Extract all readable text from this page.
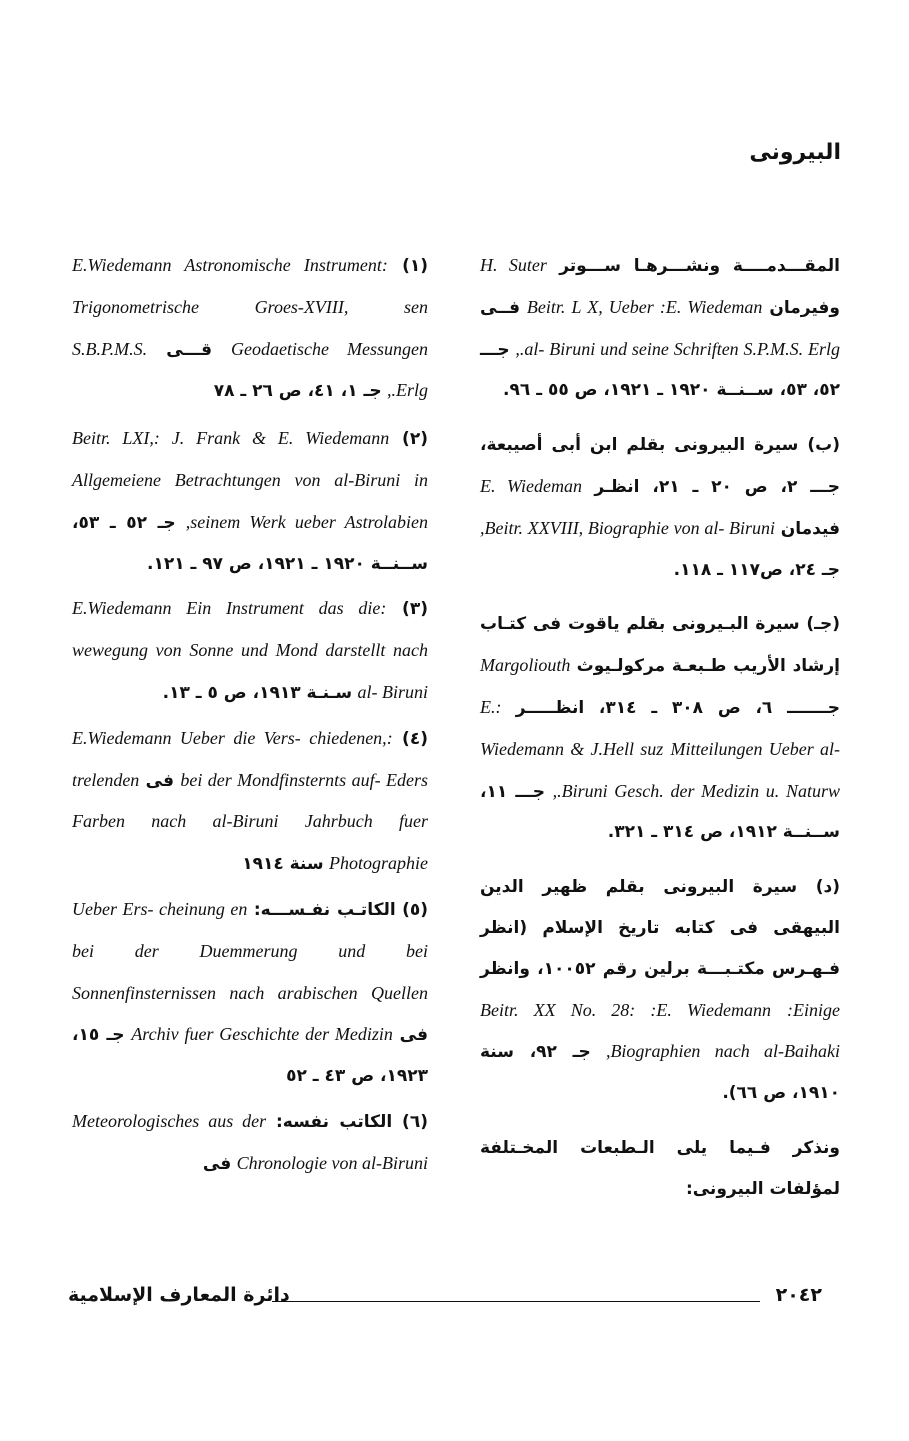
البيرونى

المقـــدمــــة ونشـــرهـا ســـوتر H. Suter وفيرمان Beitr. L X, Ueber :E. Wiedeman فــى al- Biruni und seine Schriften S.P.M.S. Erlg., جـــ ٥٢، ٥٣، ســنــة ١٩٢٠ ـ ١٩٢١، ص ٥٥ ـ ٩٦.

(ب) سيرة البيرونى بقلم ابن أبى أصيبعة، جـــ ٢، ص ٢٠ ـ ٢١، انظـر E. Wiedeman فيدمان Beitr. XXVIII, Biographie von al- Biruni, جـ ٢٤، ص١١٧ ـ ١١٨.

(جـ) سيرة البـيرونى بقلم ياقوت فى كتـاب إرشاد الأريب طـبعـة مركولـيوث Margoliouth جـــــــ ٦، ص ٣٠٨ ـ ٣١٤، انظـــــر :E. Wiedemann & J.Hell suz Mitteilungen Ueber al-Biruni Gesch. der Medizin u. Naturw., جـــ ١١، ســنــة ١٩١٢، ص ٣١٤ ـ ٣٢١.

(د) سيرة البيرونى بقلم ظهير الدين البيهقى فى كتابه تاريخ الإسلام (انظر فـهـرس مكتـبـــة برلين رقم ١٠٠٥٢، وانظر Beitr. XX No. 28: :E. Wiedemann :Einige Biographien nach al-Baihaki, جـ ٩٢، سنة ١٩١٠، ص ٦٦).

ونذكر فـيما يلى الـطبعات المخـتلفة لمؤلفات البيرونى:

(١) :E.Wiedemann Astronomische Instrument Trigonometrische Groes-XVIII, sen Geodaetische Messungen قـــى S.B.P.M.S. Erlg., جـ ١، ٤١، ص ٢٦ ـ ٧٨

(٢) Beitr. LXI,: J. Frank & E. Wiedemann Allgemeiene Betrachtungen von al-Biruni in seinem Werk ueber Astrolabien, جـ ٥٢ ـ ٥٣، ســنــة ١٩٢٠ ـ ١٩٢١، ص ٩٧ ـ ١٢١.

(٣) :E.Wiedemann Ein Instrument das die wewegung von Sonne und Mond darstellt nach al- Biruni سـنـة ١٩١٣، ص ٥ ـ ١٣.

(٤) :E.Wiedemann Ueber die Vers- chiedenen, bei der Mondfinsternts auf- Eders فى trelenden Farben nach al-Biruni Jahrbuch fuer Photographie سنة ١٩١٤

(٥) الكاتـب نفـســـه: Ueber Ers- cheinung en bei der Duemmerung und bei Sonnenfinsternissen nach arabischen Quellen فى Archiv fuer Geschichte der Medizin جـ ١٥، ١٩٢٣، ص ٤٣ ـ ٥٢

(٦) الكاتب نفسه: Meteorologisches aus der Chronologie von al-Biruni فى

دائرة المعارف الإسلامية	٢٠٤٢
